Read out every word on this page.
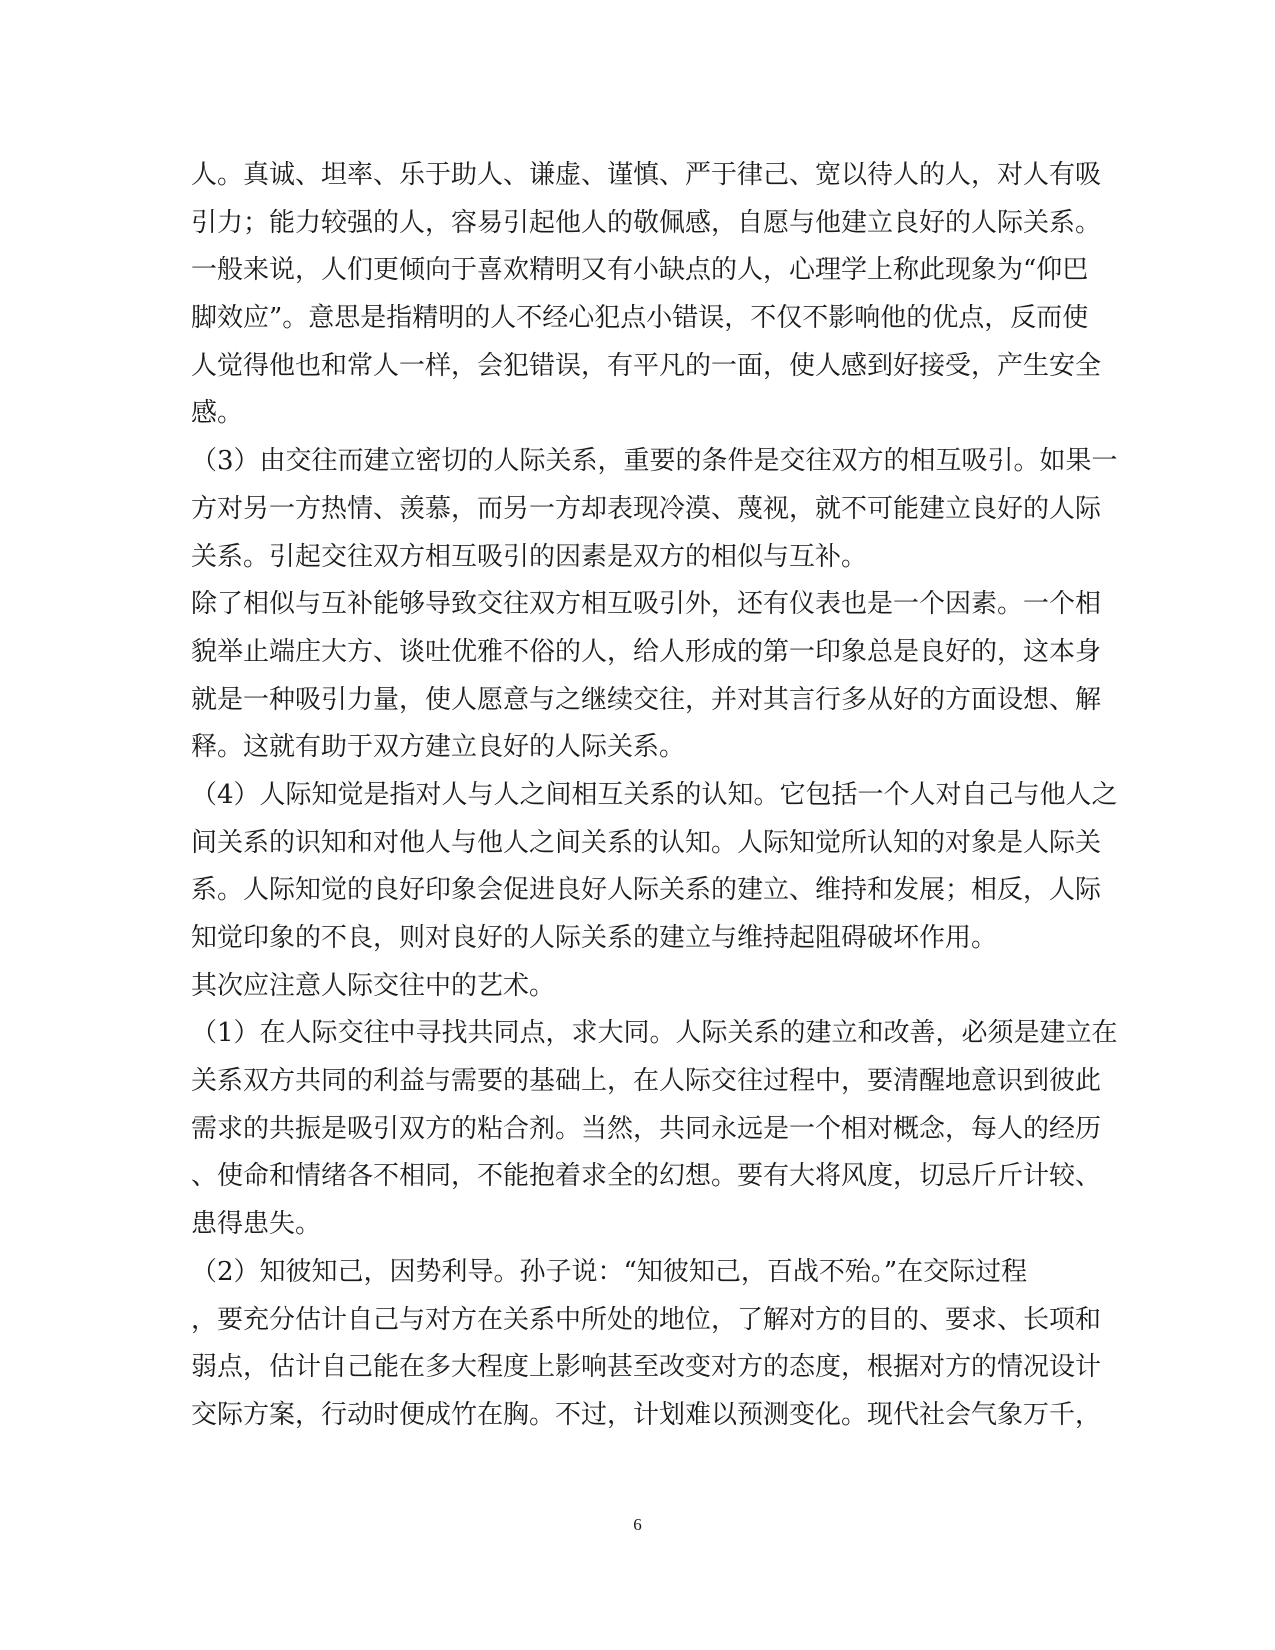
人。真诚、坦率、乐于助人、谦虚、谨慎、严于律己、宽以待人的人，对人有吸
引力；能力较强的人，容易引起他人的敬佩感，自愿与他建立良好的人际关系。
一般来说，人们更倾向于喜欢精明又有小缺点的人，心理学上称此现象为“仰巴
脚效应”。意思是指精明的人不经心犯点小错误，不仅不影响他的优点，反而使
人觉得他也和常人一样，会犯错误，有平凡的一面，使人感到好接受，产生安全
感。
（3）由交往而建立密切的人际关系，重要的条件是交往双方的相互吸引。如果一
方对另一方热情、羡慕，而另一方却表现冷漠、蔑视，就不可能建立良好的人际
关系。引起交往双方相互吸引的因素是双方的相似与互补。
除了相似与互补能够导致交往双方相互吸引外，还有仪表也是一个因素。一个相
貌举止端庄大方、谈吐优雅不俗的人，给人形成的第一印象总是良好的，这本身
就是一种吸引力量，使人愿意与之继续交往，并对其言行多从好的方面设想、解
释。这就有助于双方建立良好的人际关系。
（4）人际知觉是指对人与人之间相互关系的认知。它包括一个人对自己与他人之
间关系的识知和对他人与他人之间关系的认知。人际知觉所认知的对象是人际关
系。人际知觉的良好印象会促进良好人际关系的建立、维持和发展；相反，人际
知觉印象的不良，则对良好的人际关系的建立与维持起阻碍破坏作用。
其次应注意人际交往中的艺术。
（1）在人际交往中寻找共同点，求大同。人际关系的建立和改善，必须是建立在
关系双方共同的利益与需要的基础上，在人际交往过程中，要清醒地意识到彼此
需求的共振是吸引双方的粘合剂。当然，共同永远是一个相对概念，每人的经历
、使命和情绪各不相同，不能抱着求全的幻想。要有大将风度，切忌斤斤计较、
患得患失。
（2）知彼知己，因势利导。孙子说：“知彼知己，百战不殆。”在交际过程
，要充分估计自己与对方在关系中所处的地位，了解对方的目的、要求、长项和
弱点，估计自己能在多大程度上影响甚至改变对方的态度，根据对方的情况设计
交际方案，行动时便成竹在胸。不过，计划难以预测变化。现代社会气象万千，
6
